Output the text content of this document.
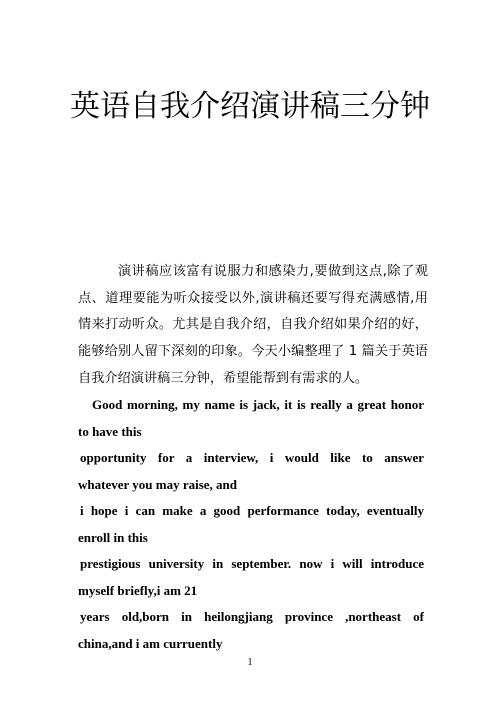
英语自我介绍演讲稿三分钟
演讲稿应该富有说服力和感染力,要做到这点,除了观点、道理要能为听众接受以外,演讲稿还要写得充满感情,用情来打动听众。尤其是自我介绍，自我介绍如果介绍的好，能够给别人留下深刻的印象。今天小编整理了 1 篇关于英语自我介绍演讲稿三分钟，希望能帮到有需求的人。
Good morning, my name is jack, it is really a great honor
to have this
opportunity for a interview, i would like to answer
whatever you may raise, and
i hope i can make a good performance today, eventually
enroll in this
prestigious university in september. now i will introduce
myself briefly,i am 21
years old,born in heilongjiang province ,northeast of
china,and i am curruently
1
